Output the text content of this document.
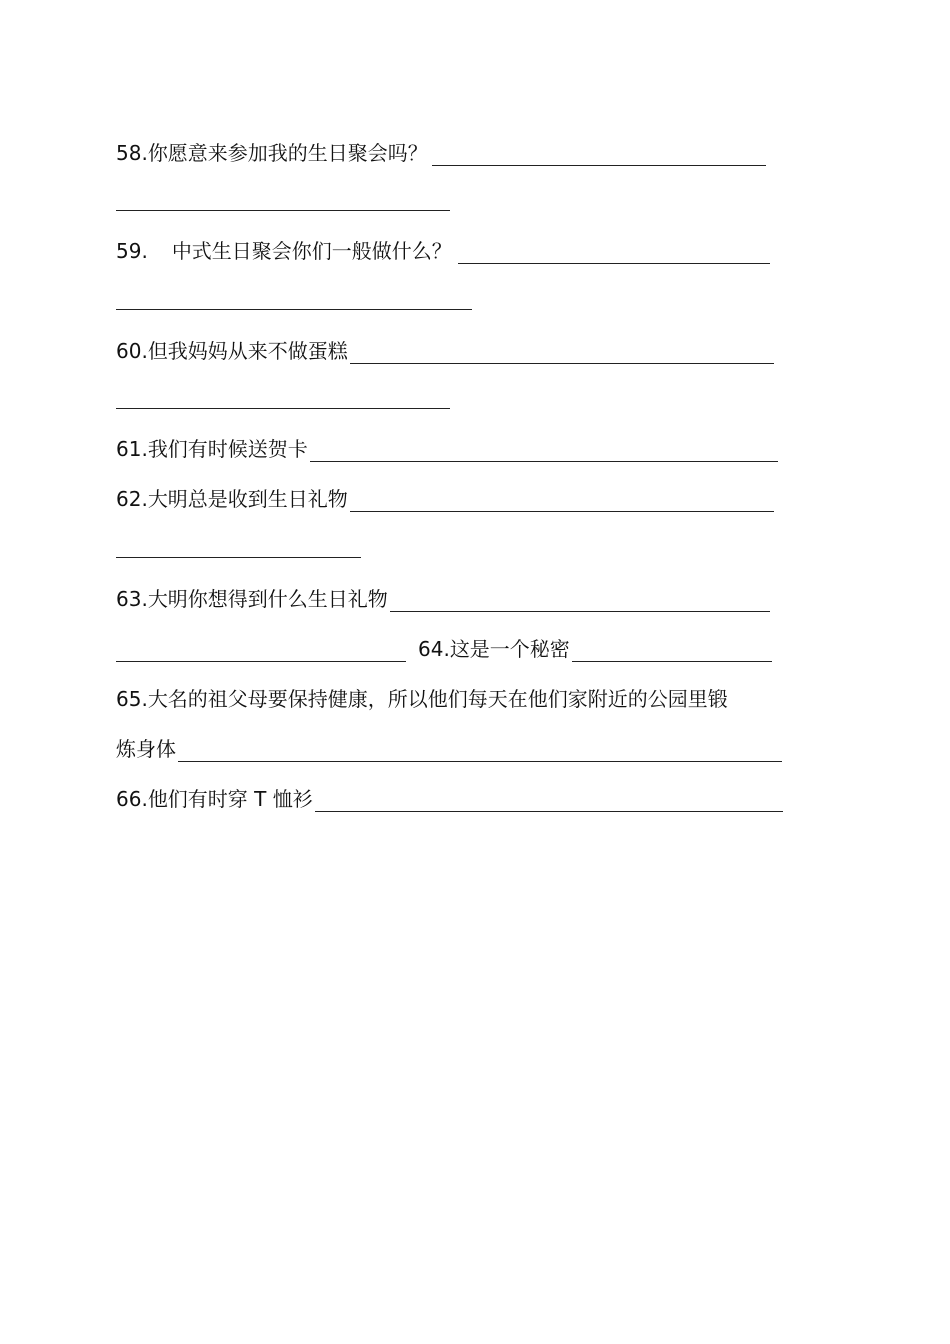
58.你愿意来参加我的生日聚会吗？
59. 中式生日聚会你们一般做什么？
60.但我妈妈从来不做蛋糕
61.我们有时候送贺卡
62.大明总是收到生日礼物
63.大明你想得到什么生日礼物
64.这是一个秘密
65.大名的祖父母要保持健康，所以他们每天在他们家附近的公园里锻
炼身体
66.他们有时穿 T 恤衫
